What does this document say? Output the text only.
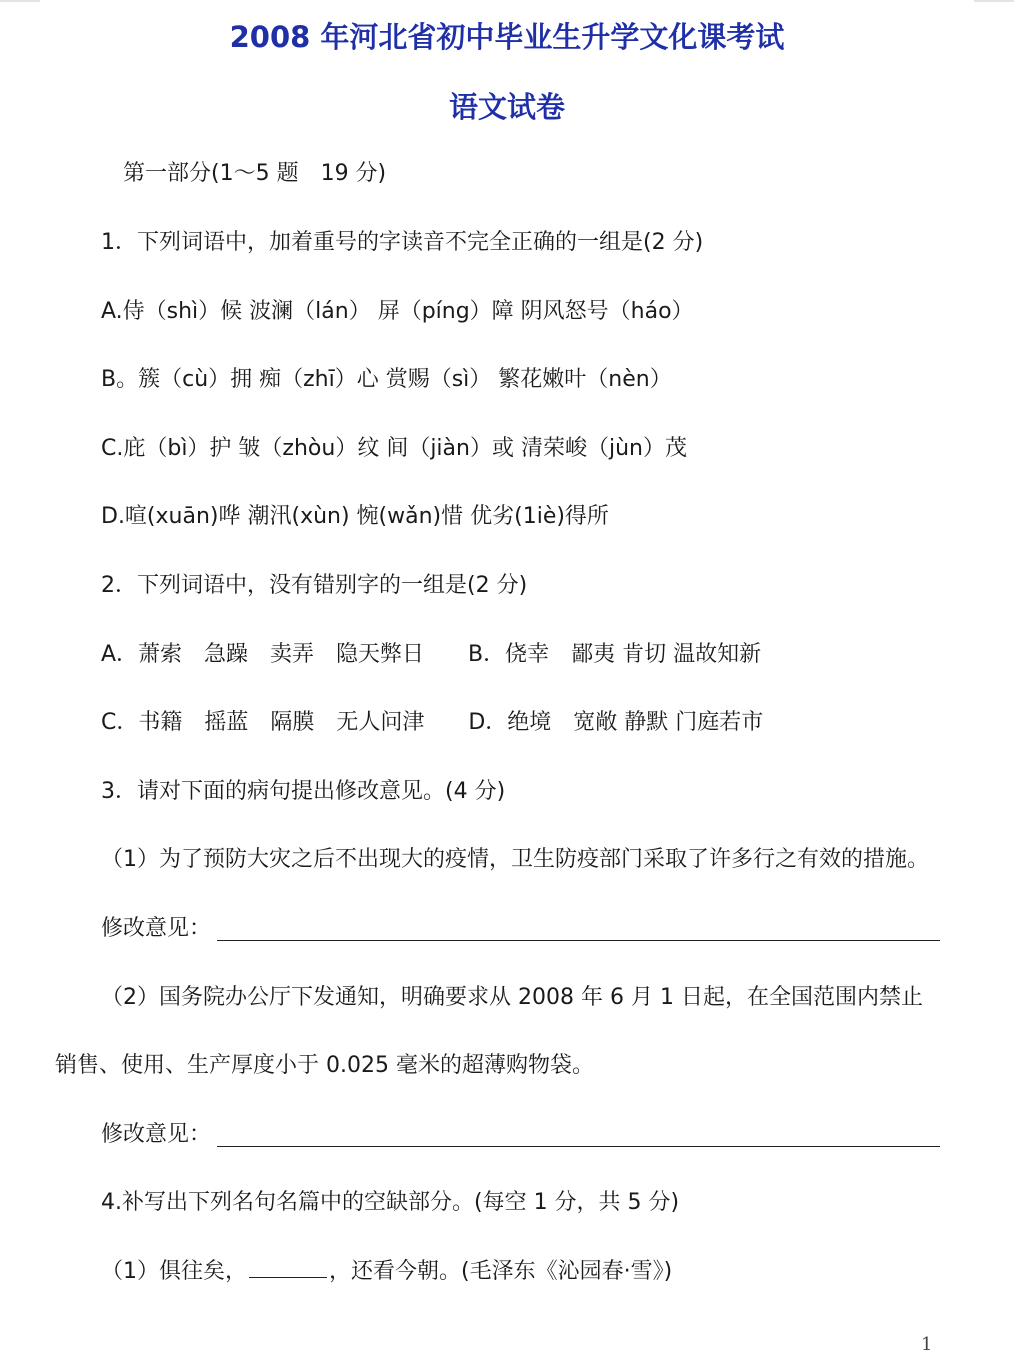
2008 年河北省初中毕业生升学文化课考试
语文试卷
第一部分(1～5 题　19 分)
1．下列词语中，加着重号的字读音不完全正确的一组是(2 分)
A.侍（shì）候 波澜（lán） 屏（píng）障 阴风怒号（háo）
B。簇（cù）拥 痴（zhī）心 赏赐（sì） 繁花嫩叶（nèn）
C.庇（bì）护 皱（zhòu）纹 间（jiàn）或 清荣峻（jùn）茂
D.喧(xuān)哗 潮汛(xùn) 惋(wǎn)惜 优劣(1iè)得所
2．下列词语中，没有错别字的一组是(2 分)
A．萧索　急躁　卖弄　隐天弊日　　B．侥幸　鄙夷 肯切 温故知新
C．书籍　摇蓝　隔膜　无人问津　　D．绝境　宽敞 静默 门庭若市
3．请对下面的病句提出修改意见。(4 分)
（1）为了预防大灾之后不出现大的疫情，卫生防疫部门采取了许多行之有效的措施。
修改意见：
（2）国务院办公厅下发通知，明确要求从 2008 年 6 月 1 日起，在全国范围内禁止
销售、使用、生产厚度小于 0.025 毫米的超薄购物袋。
修改意见：
4.补写出下列名句名篇中的空缺部分。(每空 1 分，共 5 分)
（1）俱往矣，	，还看今朝。(毛泽东《沁园春·雪》)
1
